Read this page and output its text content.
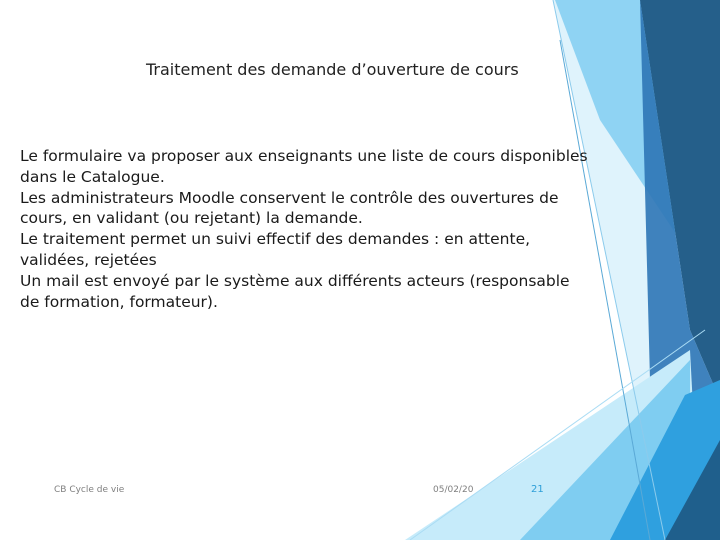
Traitement des demande d’ouverture de cours
Le formulaire va proposer aux enseignants une liste de cours disponibles dans le Catalogue.
Les administrateurs Moodle conservent le contrôle des ouvertures de cours, en validant (ou rejetant) la demande.
Le traitement permet un suivi effectif des demandes : en attente, validées, rejetées
Un mail est envoyé par le système aux différents acteurs (responsable de formation, formateur).
CB Cycle de vie	05/02/20	21
